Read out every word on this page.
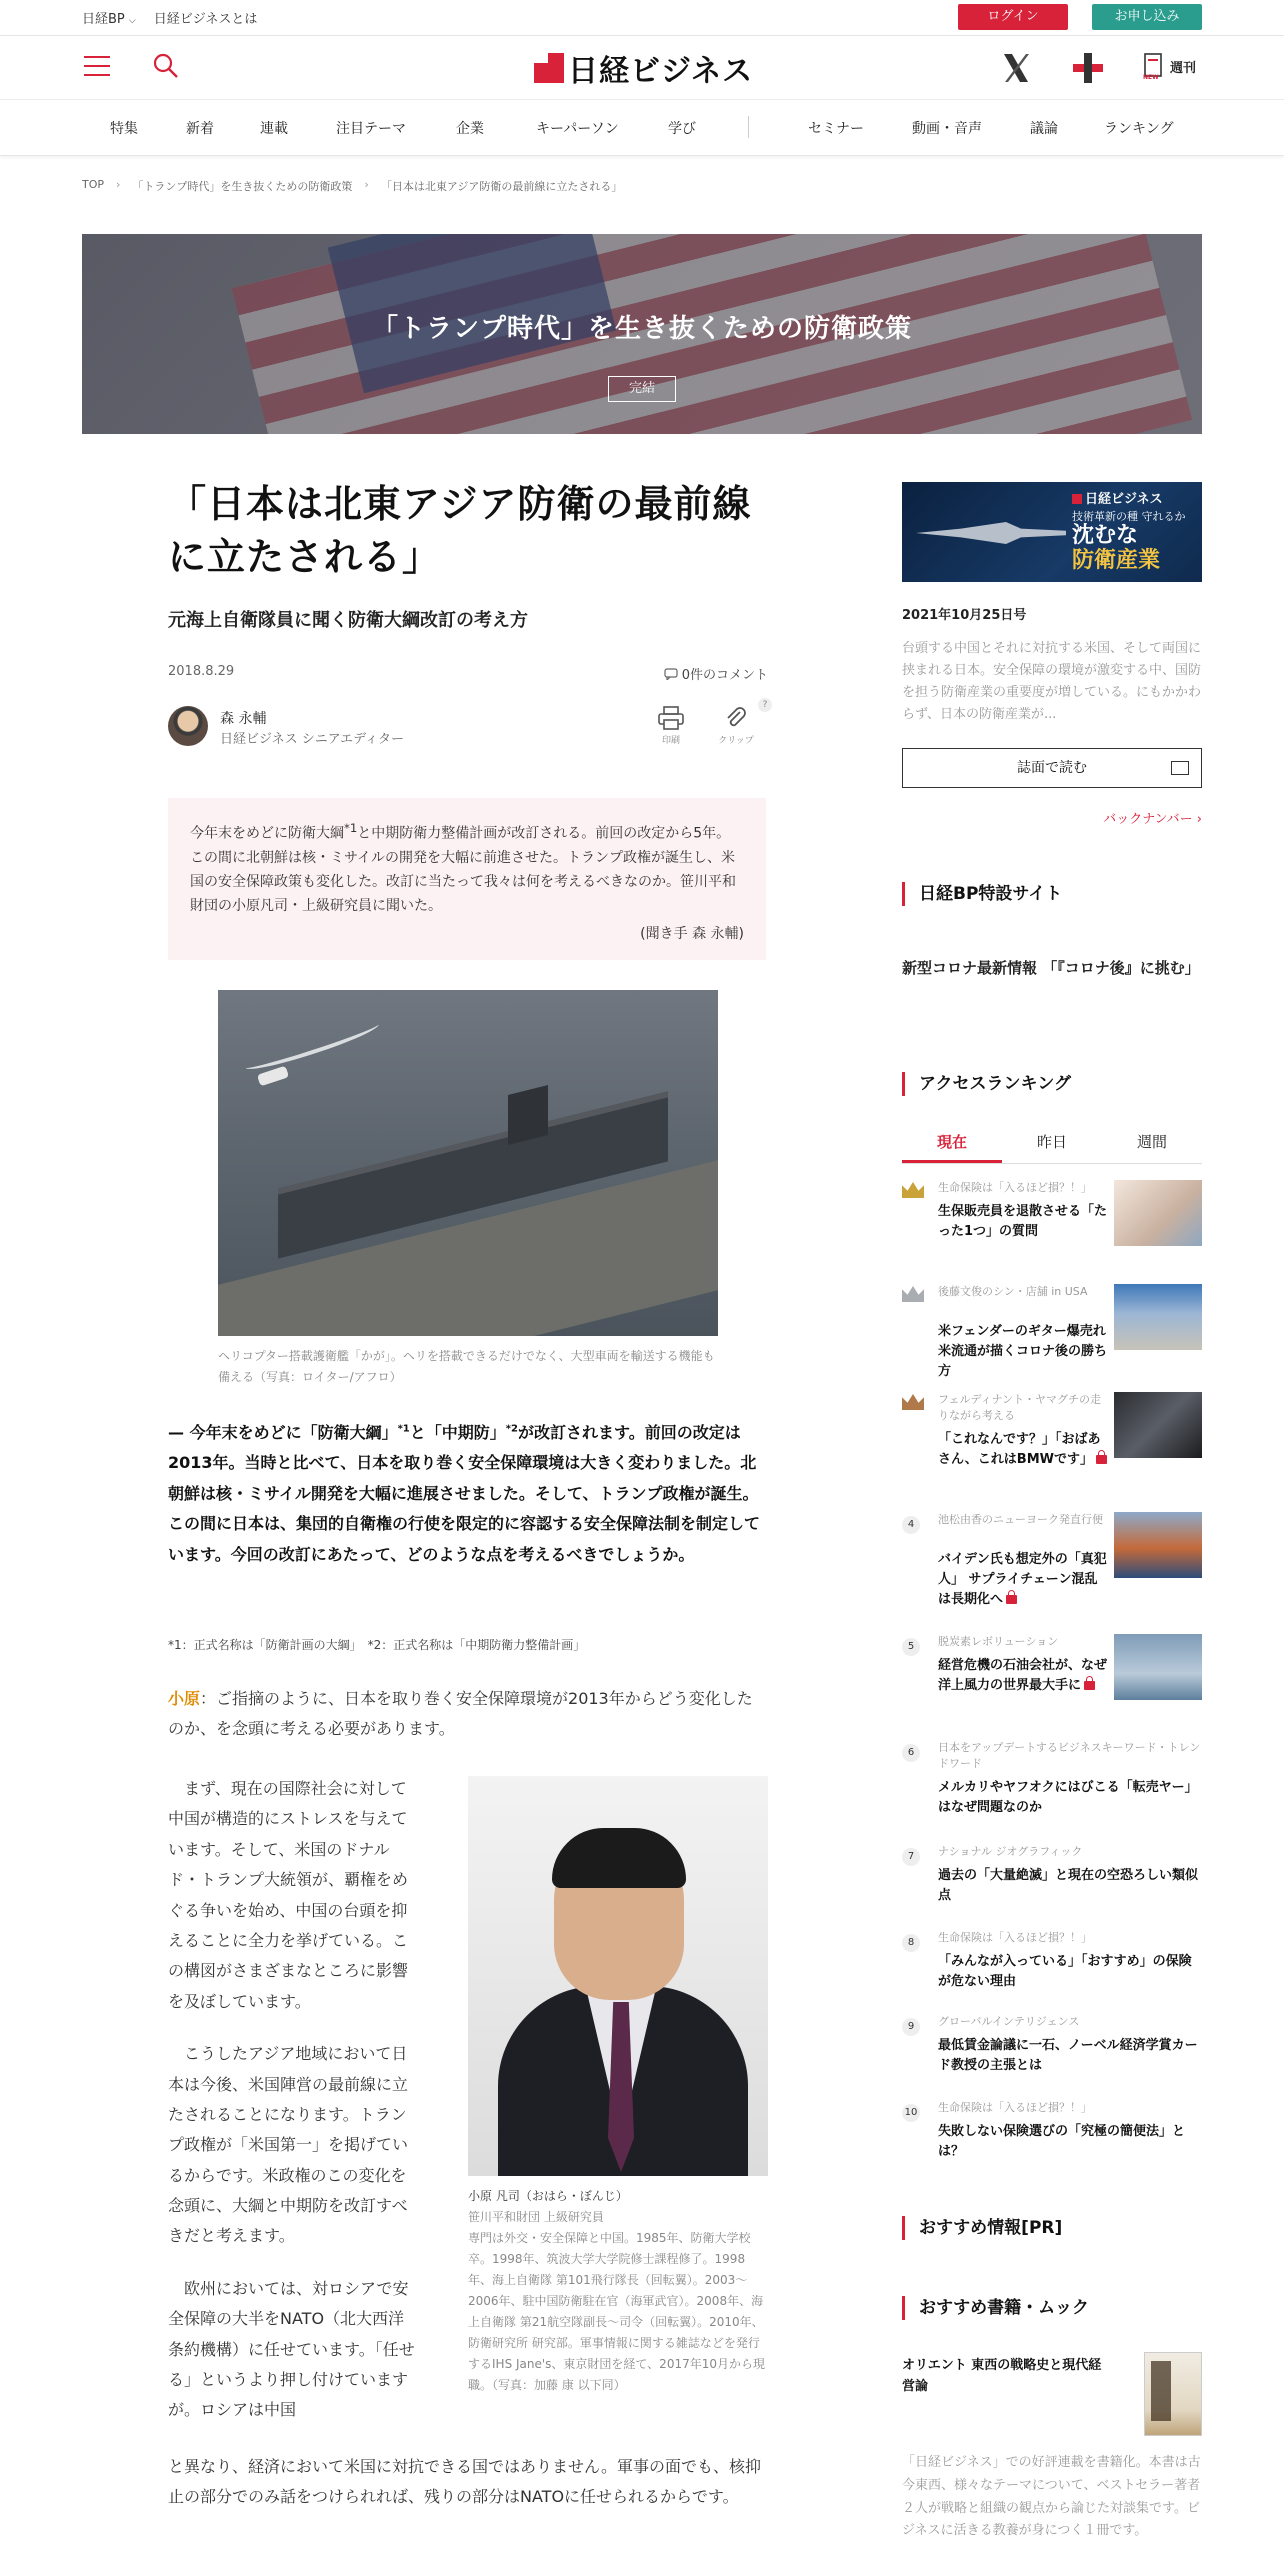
日経BP ⌵ 日経ビジネスとは	ログイン	お申し込み
日経ビジネス	NEW
週刊
特集	新着	連載	注目テーマ	企業	キーパーソン	学び	セミナー	動画・音声	議論	ランキング
TOP › 「トランプ時代」を生き抜くための防衛政策 › 「日本は北東アジア防衛の最前線に立たされる」
「トランプ時代」を生き抜くための防衛政策
完結
「日本は北東アジア防衛の最前線
に立たされる」
元海上自衛隊員に聞く防衛大綱改訂の考え方
2018.8.29	0件のコメント
森 永輔
日経ビジネス シニアエディター	印刷	クリップ
?

今年末をめどに防衛大綱$^{*1}$と中期防衛力整備計画が改訂される。前回の改定から5年。この間に北朝鮮は核・ミサイルの開発を大幅に前進させた。トランプ政権が誕生し、米国の安全保障政策も変化した。改訂に当たって我々は何を考えるべきなのか。笹川平和財団の小原凡司・上級研究員に聞いた。

(聞き手 森 永輔)

ヘリコプター搭載護衛艦「かが」。ヘリを搭載できるだけでなく、大型車両を輸送する機能も備える（写真：ロイター/アフロ）
— 今年末をめどに「防衛大綱」$^{*1}$と「中期防」$^{*2}$が改訂されます。前回の改定は2013年。当時と比べて、日本を取り巻く安全保障環境は大きく変わりました。北朝鮮は核・ミサイル開発を大幅に進展させました。そして、トランプ政権が誕生。この間に日本は、集団的自衛権の行使を限定的に容認する安全保障法制を制定しています。今回の改訂にあたって、どのような点を考えるべきでしょうか。
*1：正式名称は「防衛計画の大綱」　 *2：正式名称は「中期防衛力整備計画」
小原：ご指摘のように、日本を取り巻く安全保障環境が2013年からどう変化したのか、を念頭に考える必要があります。

まず、現在の国際社会に対して中国が構造的にストレスを与えています。そして、米国のドナルド・トランプ大統領が、覇権をめぐる争いを始め、中国の台頭を抑えることに全力を挙げている。この構図がさまざまなところに影響を及ぼしています。

こうしたアジア地域において日本は今後、米国陣営の最前線に立たされることになります。トランプ政権が「米国第一」を掲げているからです。米政権のこの変化を念頭に、大綱と中期防を改訂すべきだと考えます。

欧州においては、対ロシアで安全保障の大半をNATO（北大西洋条約機構）に任せています。「任せる」というより押し付けていますが。ロシアは中国

と異なり、経済において米国に対抗できる国ではありません。軍事の面でも、核抑止の部分でのみ話をつけられれば、残りの部分はNATOに任せられるからです。
小原 凡司（おはら・ぼんじ）
笹川平和財団 上級研究員
専門は外交・安全保障と中国。1985年、防衛大学校 卒。1998年、筑波大学大学院修士課程修了。1998年、海上自衛隊 第101飛行隊長（回転翼）。2003～2006年、駐中国防衛駐在官（海軍武官）。2008年、海上自衛隊 第21航空隊副長～司令（回転翼）。2010年、防衛研究所 研究部。軍事情報に関する雑誌などを発行するIHS Jane's、東京財団を経て、2017年10月から現職。（写真：加藤 康 以下同）
日経ビジネス
技術革新の種 守れるか
沈むな
防衛産業
2021年10月25日号
台頭する中国とそれに対抗する米国、そして両国に挟まれる日本。安全保障の環境が激変する中、国防を担う防衛産業の重要度が増している。にもかかわらず、日本の防衛産業が...
誌面で読む
バックナンバー ›
日経BP特設サイト
新型コロナ最新情報 「『コロナ後』に挑む」
アクセスランキング
現在	昨日	週間
生命保険は「入るほど損？！」
生保販売員を退散させる「たった1つ」の質問
後藤文俊のシン・店舗 in USA
米フェンダーのギター爆売れ 米流通が描くコロナ後の勝ち方
フェルディナント・ヤマグチの走りながら考える
「これなんです？」「おばあさん、これはBMWです」
4	池松由香のニューヨーク発直行便
バイデン氏も想定外の「真犯人」 サプライチェーン混乱は長期化へ
5	脱炭素レボリューション
経営危機の石油会社が、なぜ洋上風力の世界最大手に
6	日本をアップデートするビジネスキーワード・トレンドワード
メルカリやヤフオクにはびこる「転売ヤー」はなぜ問題なのか
7	ナショナル ジオグラフィック
過去の「大量絶滅」と現在の空恐ろしい類似点
8	生命保険は「入るほど損？！」
「みんなが入っている」「おすすめ」の保険が危ない理由
9	グローバルインテリジェンス
最低賃金論議に一石、ノーベル経済学賞カード教授の主張とは
10 生命保険は「入るほど損？！」
失敗しない保険選びの「究極の簡便法」とは？
おすすめ情報[PR]
おすすめ書籍・ムック
オリエント 東西の戦略史と現代経営論
「日経ビジネス」での好評連載を書籍化。本書は古今東西、様々なテーマについて、ベストセラー著者２人が戦略と組織の観点から論じた対談集です。ビジネスに活きる教養が身につく１冊です。
